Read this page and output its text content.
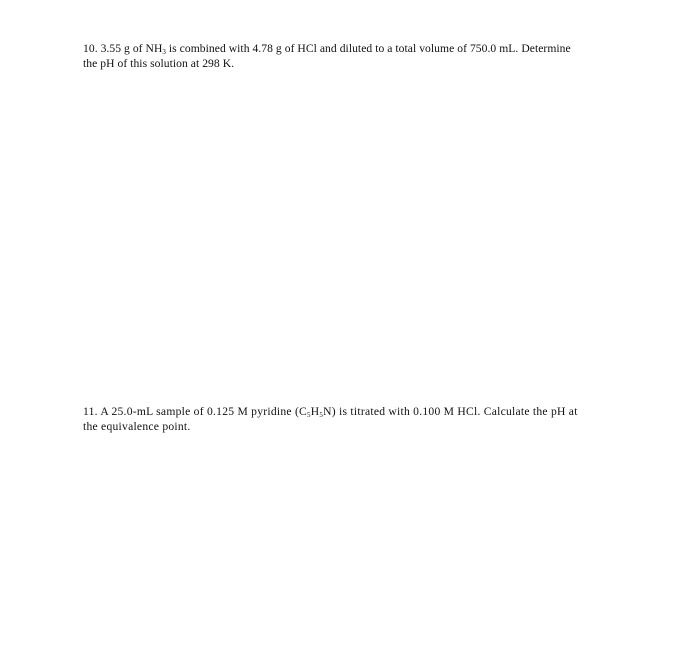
10. 3.55 g of $NH_3$ is combined with 4.78 g of HCl and diluted to a total volume of 750.0 mL. Determine
the pH of this solution at 298 K.
11. A 25.0-mL sample of 0.125 M pyridine $(C_5H_5N)$ is titrated with 0.100 M HCl. Calculate the pH at
the equivalence point.
